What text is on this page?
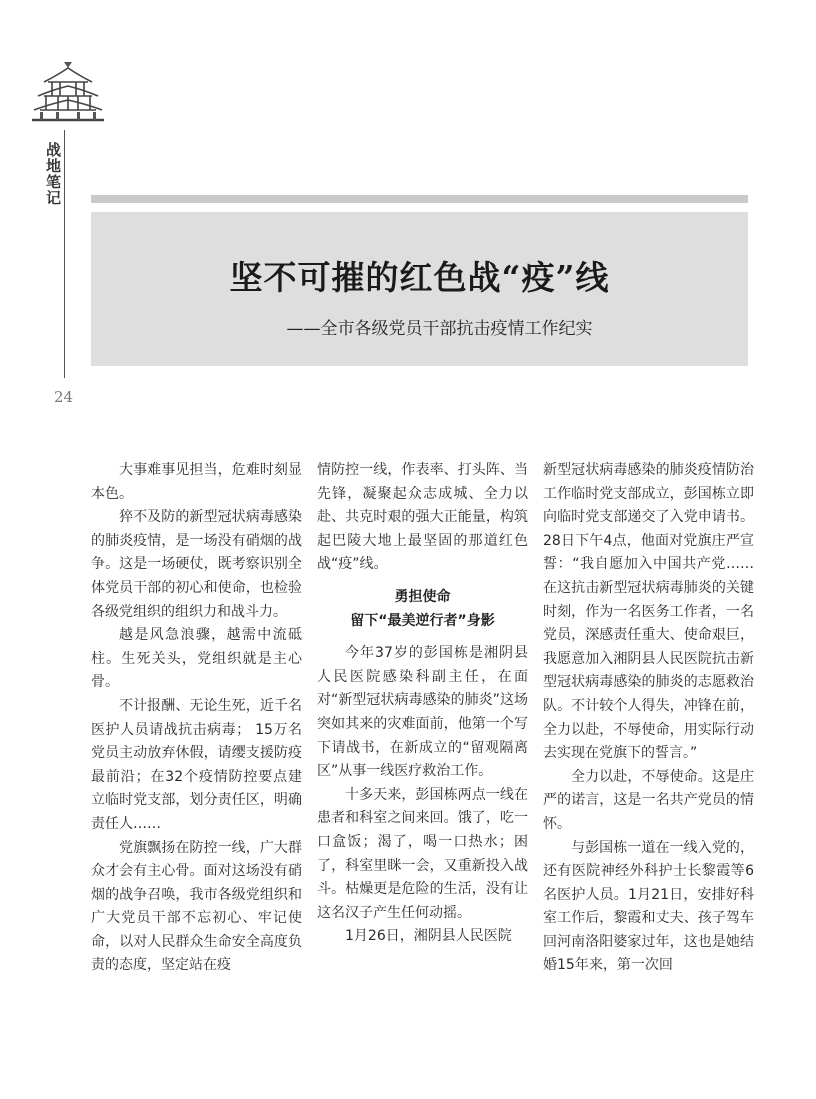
战地笔记
24
坚不可摧的红色战“疫”线
——全市各级党员干部抗击疫情工作纪实

大事难事见担当，危难时刻显本色。

猝不及防的新型冠状病毒感染的肺炎疫情，是一场没有硝烟的战争。这是一场硬仗，既考察识别全体党员干部的初心和使命，也检验各级党组织的组织力和战斗力。

越是风急浪骤，越需中流砥柱。生死关头，党组织就是主心骨。

不计报酬、无论生死，近千名医护人员请战抗击病毒； 15万名党员主动放弃休假，请缨支援防疫最前沿；在32个疫情防控要点建立临时党支部，划分责任区，明确责任人……

党旗飘扬在防控一线，广大群众才会有主心骨。面对这场没有硝烟的战争召唤，我市各级党组织和广大党员干部不忘初心、牢记使命，以对人民群众生命安全高度负责的态度，坚定站在疫

情防控一线，作表率、打头阵、当先锋，凝聚起众志成城、全力以赴、共克时艰的强大正能量，构筑起巴陵大地上最坚固的那道红色战“疫”线。

勇担使命
留下“最美逆行者”身影

今年37岁的彭国栋是湘阴县人民医院感染科副主任，在面对“新型冠状病毒感染的肺炎”这场突如其来的灾难面前，他第一个写下请战书，在新成立的“留观隔离区”从事一线医疗救治工作。

十多天来，彭国栋两点一线在患者和科室之间来回。饿了，吃一口盒饭；渴了，喝一口热水；困了，科室里眯一会，又重新投入战斗。枯燥更是危险的生活，没有让这名汉子产生任何动摇。

1月26日，湘阴县人民医院

新型冠状病毒感染的肺炎疫情防治工作临时党支部成立，彭国栋立即向临时党支部递交了入党申请书。28日下午4点，他面对党旗庄严宣誓：“我自愿加入中国共产党……在这抗击新型冠状病毒肺炎的关键时刻，作为一名医务工作者，一名党员，深感责任重大、使命艰巨，我愿意加入湘阴县人民医院抗击新型冠状病毒感染的肺炎的志愿救治队。不计较个人得失，冲锋在前，全力以赴，不辱使命，用实际行动去实现在党旗下的誓言。”

全力以赴，不辱使命。这是庄严的诺言，这是一名共产党员的情怀。

与彭国栋一道在一线入党的，还有医院神经外科护士长黎霞等6名医护人员。1月21日，安排好科室工作后，黎霞和丈夫、孩子驾车回河南洛阳婆家过年，这也是她结婚15年来，第一次回
